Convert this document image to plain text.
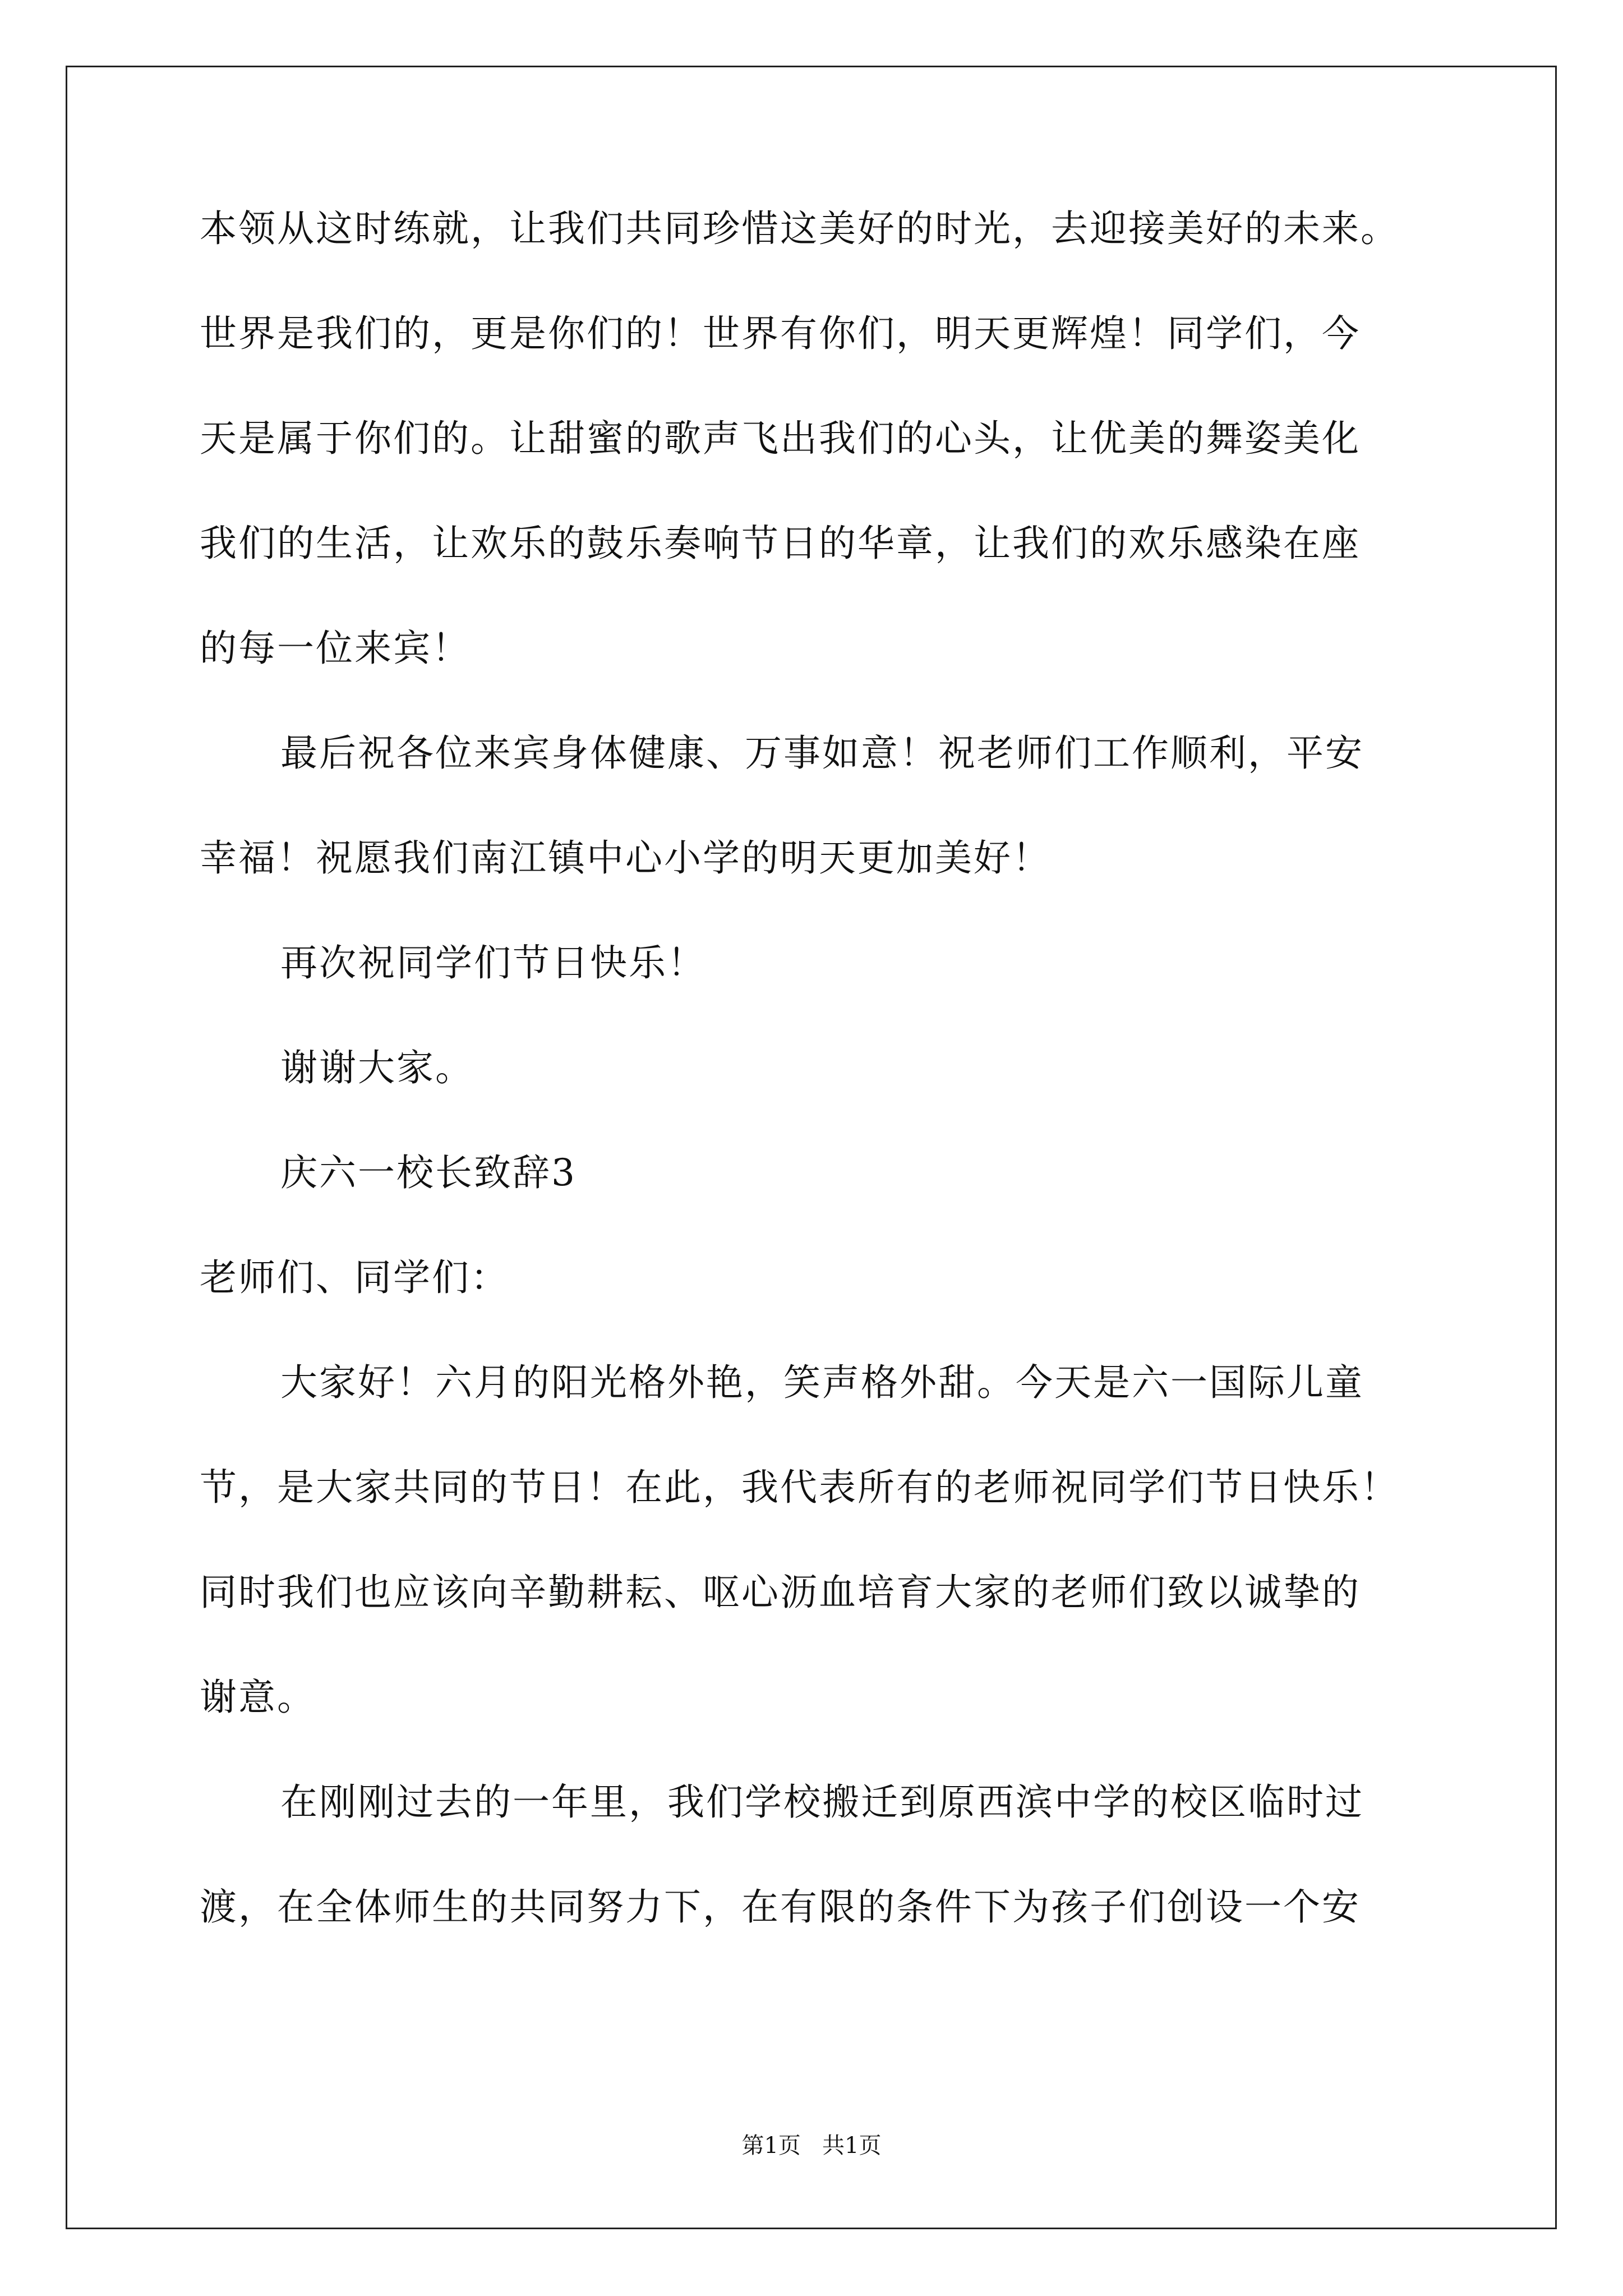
本领从这时练就，让我们共同珍惜这美好的时光，去迎接美好的未来。
世界是我们的，更是你们的！世界有你们，明天更辉煌！同学们，今
天是属于你们的。让甜蜜的歌声飞出我们的心头，让优美的舞姿美化
我们的生活，让欢乐的鼓乐奏响节日的华章，让我们的欢乐感染在座
的每一位来宾！
最后祝各位来宾身体健康、万事如意！祝老师们工作顺利，平安
幸福！祝愿我们南江镇中心小学的明天更加美好！
再次祝同学们节日快乐！
谢谢大家。
庆六一校长致辞3
老师们、同学们：
大家好！六月的阳光格外艳，笑声格外甜。今天是六一国际儿童
节，是大家共同的节日！在此，我代表所有的老师祝同学们节日快乐！
同时我们也应该向辛勤耕耘、呕心沥血培育大家的老师们致以诚挚的
谢意。
在刚刚过去的一年里，我们学校搬迁到原西滨中学的校区临时过
渡，在全体师生的共同努力下，在有限的条件下为孩子们创设一个安
第1页   共1页
